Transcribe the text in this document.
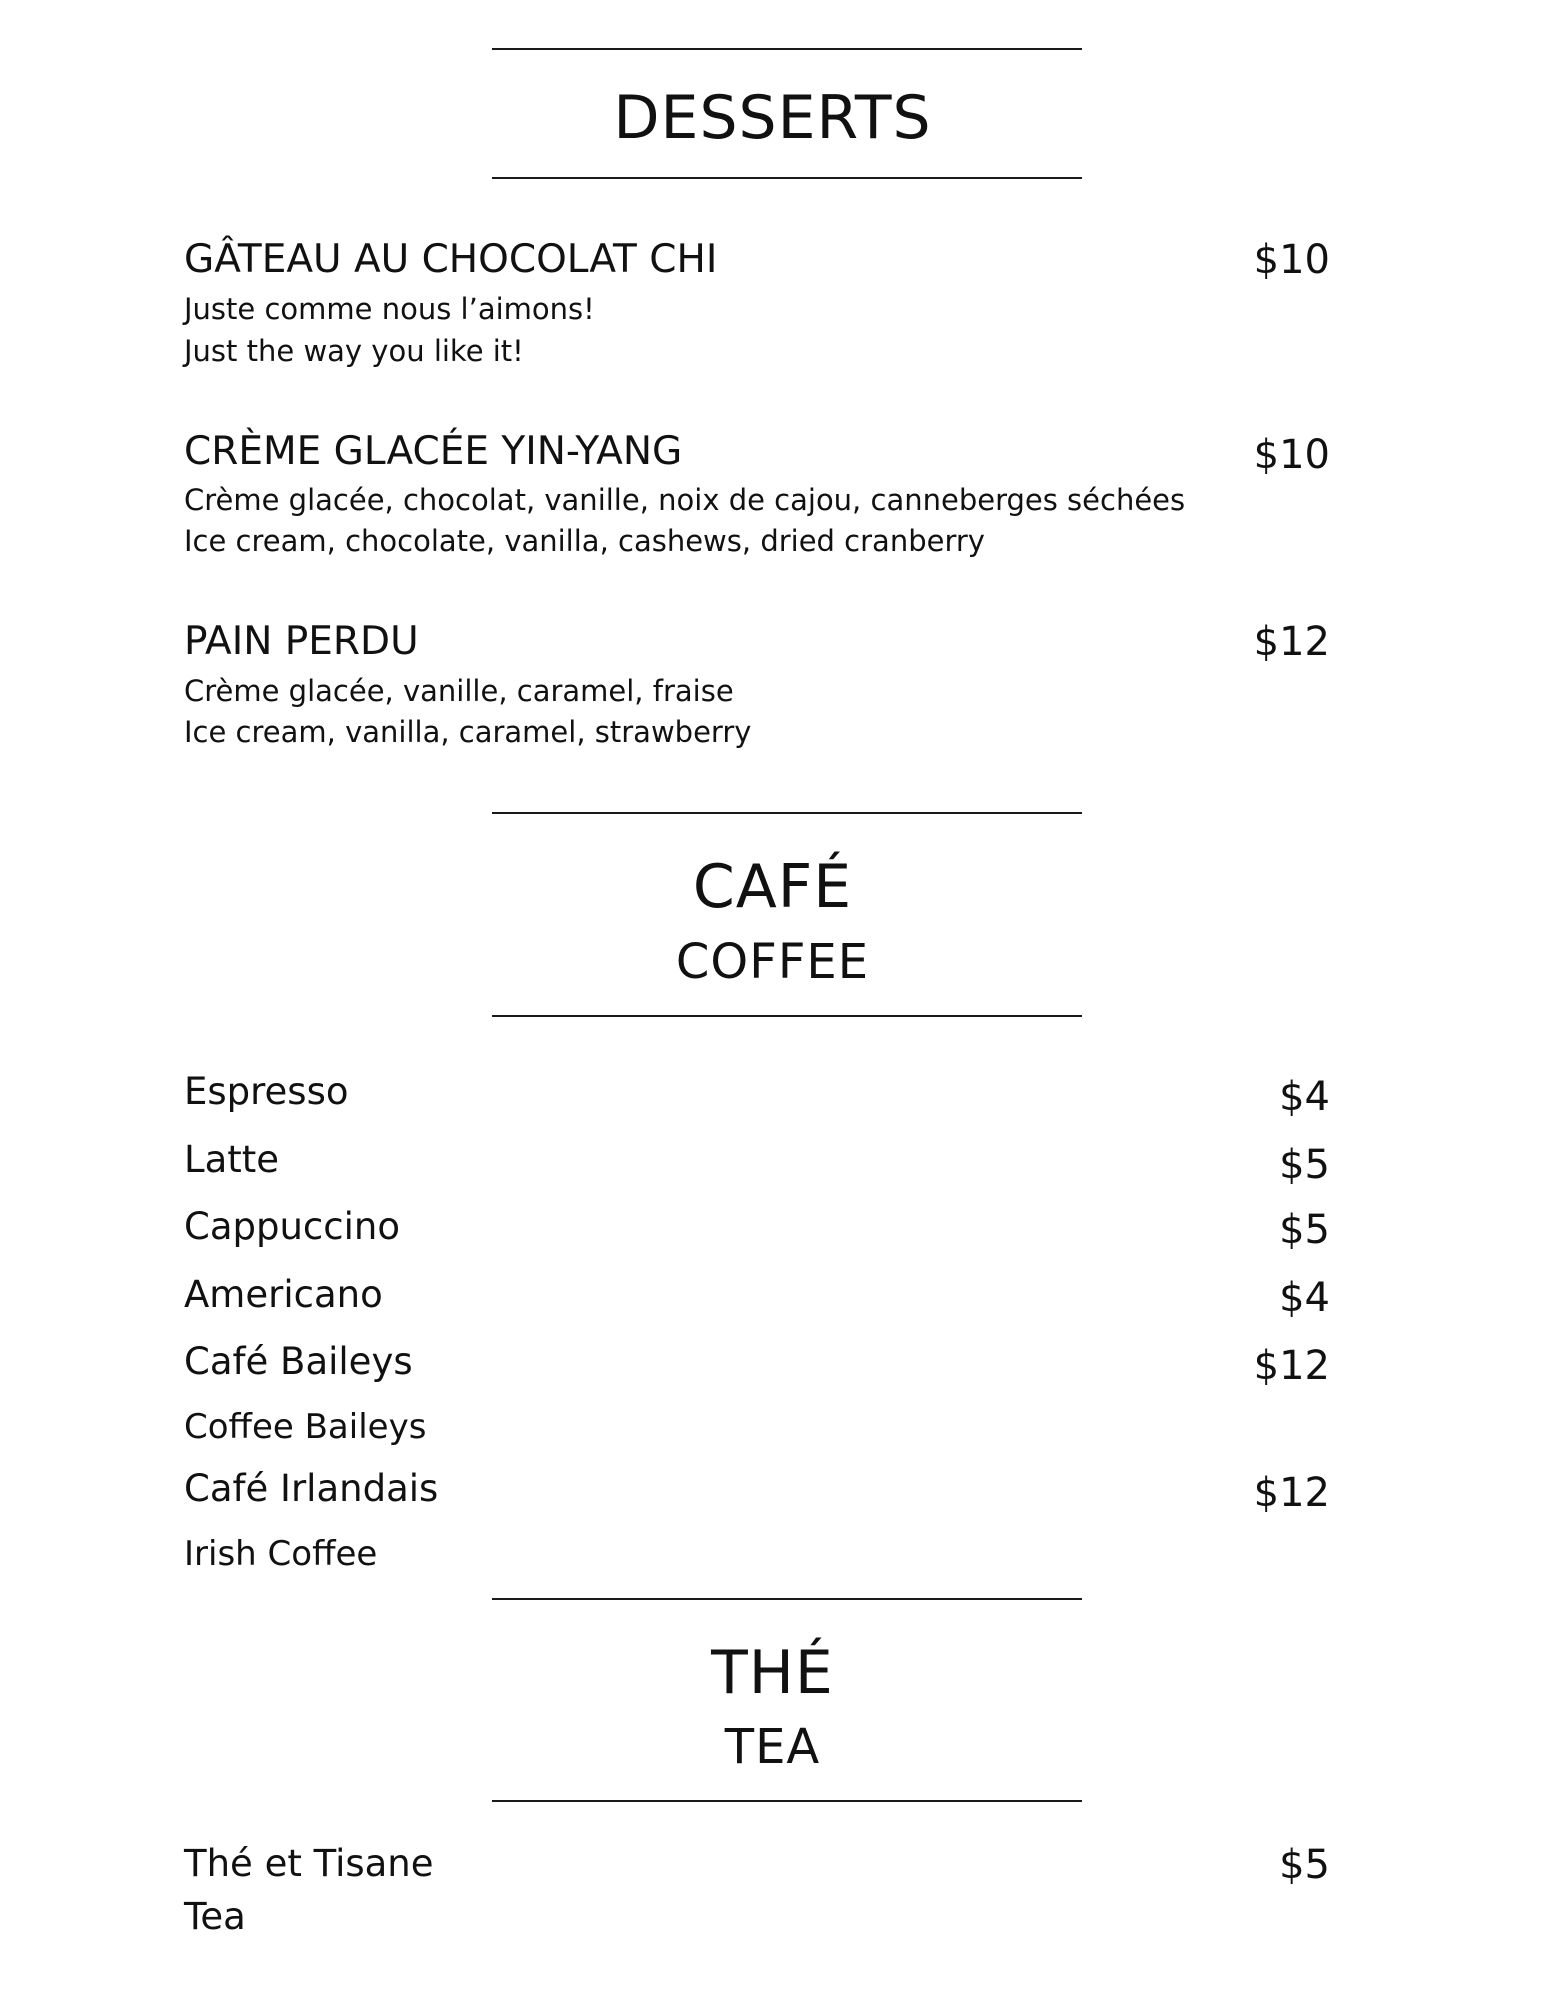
DESSERTS

GÂTEAU AU CHOCOLAT CHI	$10

Juste comme nous l’aimons!

Just the way you like it!

CRÈME GLACÉE YIN-YANG	$10

Crème glacée, chocolat, vanille, noix de cajou, canneberges séchées

Ice cream, chocolate, vanilla, cashews, dried cranberry

PAIN PERDU	$12

Crème glacée, vanille, caramel, fraise

Ice cream, vanilla, caramel, strawberry

CAFÉ
COFFEE

Espresso	$4

Latte	$5

Cappuccino	$5

Americano	$4

Café Baileys	$12

Coffee Baileys

Café Irlandais	$12

Irish Coffee

THÉ
TEA

Thé et Tisane	$5

Tea
